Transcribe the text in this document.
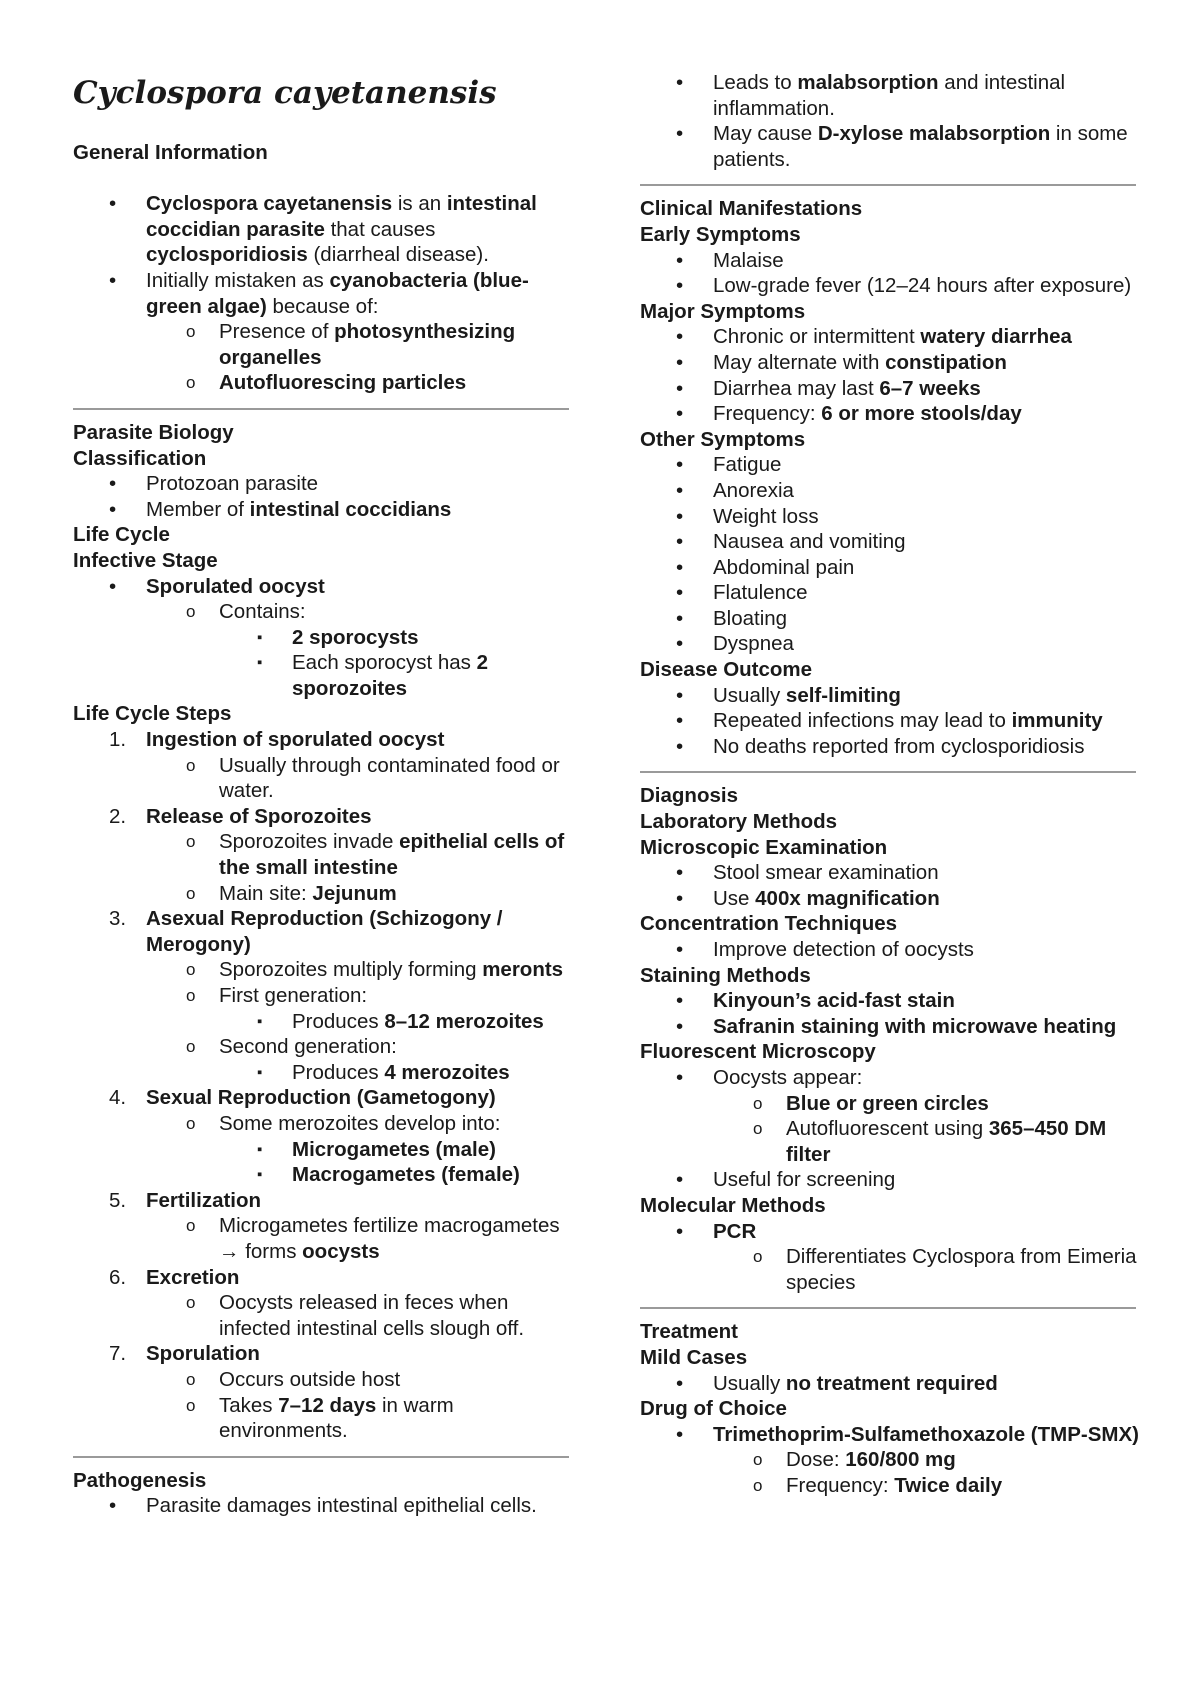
Cyclospora cayetanensis
General Information
• Cyclospora cayetanensis is an intestinal coccidian parasite that causes cyclosporidiosis (diarrheal disease).
• Initially mistaken as cyanobacteria (blue-green algae) because of:
o Presence of photosynthesizing organelles
o Autofluorescing particles
Parasite Biology
Classification
• Protozoan parasite
• Member of intestinal coccidians
Life Cycle
Infective Stage
• Sporulated oocyst
o Contains:
▪ 2 sporocysts
▪ Each sporocyst has 2 sporozoites
Life Cycle Steps
1. Ingestion of sporulated oocyst
o Usually through contaminated food or water.
2. Release of Sporozoites
o Sporozoites invade epithelial cells of the small intestine
o Main site: Jejunum
3. Asexual Reproduction (Schizogony / Merogony)
o Sporozoites multiply forming meronts
o First generation:
▪ Produces 8–12 merozoites
o Second generation:
▪ Produces 4 merozoites
4. Sexual Reproduction (Gametogony)
o Some merozoites develop into:
▪ Microgametes (male)
▪ Macrogametes (female)
5. Fertilization
o Microgametes fertilize macrogametes → forms oocysts
6. Excretion
o Oocysts released in feces when infected intestinal cells slough off.
7. Sporulation
o Occurs outside host
o Takes 7–12 days in warm environments.
Pathogenesis
• Parasite damages intestinal epithelial cells.
• Leads to malabsorption and intestinal inflammation.
• May cause D-xylose malabsorption in some patients.
Clinical Manifestations
Early Symptoms
• Malaise
• Low-grade fever (12–24 hours after exposure)
Major Symptoms
• Chronic or intermittent watery diarrhea
• May alternate with constipation
• Diarrhea may last 6–7 weeks
• Frequency: 6 or more stools/day
Other Symptoms
• Fatigue
• Anorexia
• Weight loss
• Nausea and vomiting
• Abdominal pain
• Flatulence
• Bloating
• Dyspnea
Disease Outcome
• Usually self-limiting
• Repeated infections may lead to immunity
• No deaths reported from cyclosporidiosis
Diagnosis
Laboratory Methods
Microscopic Examination
• Stool smear examination
• Use 400x magnification
Concentration Techniques
• Improve detection of oocysts
Staining Methods
• Kinyoun’s acid-fast stain
• Safranin staining with microwave heating
Fluorescent Microscopy
• Oocysts appear:
o Blue or green circles
o Autofluorescent using 365–450 DM filter
• Useful for screening
Molecular Methods
• PCR
o Differentiates Cyclospora from Eimeria species
Treatment
Mild Cases
• Usually no treatment required
Drug of Choice
• Trimethoprim-Sulfamethoxazole (TMP-SMX)
o Dose: 160/800 mg
o Frequency: Twice daily
